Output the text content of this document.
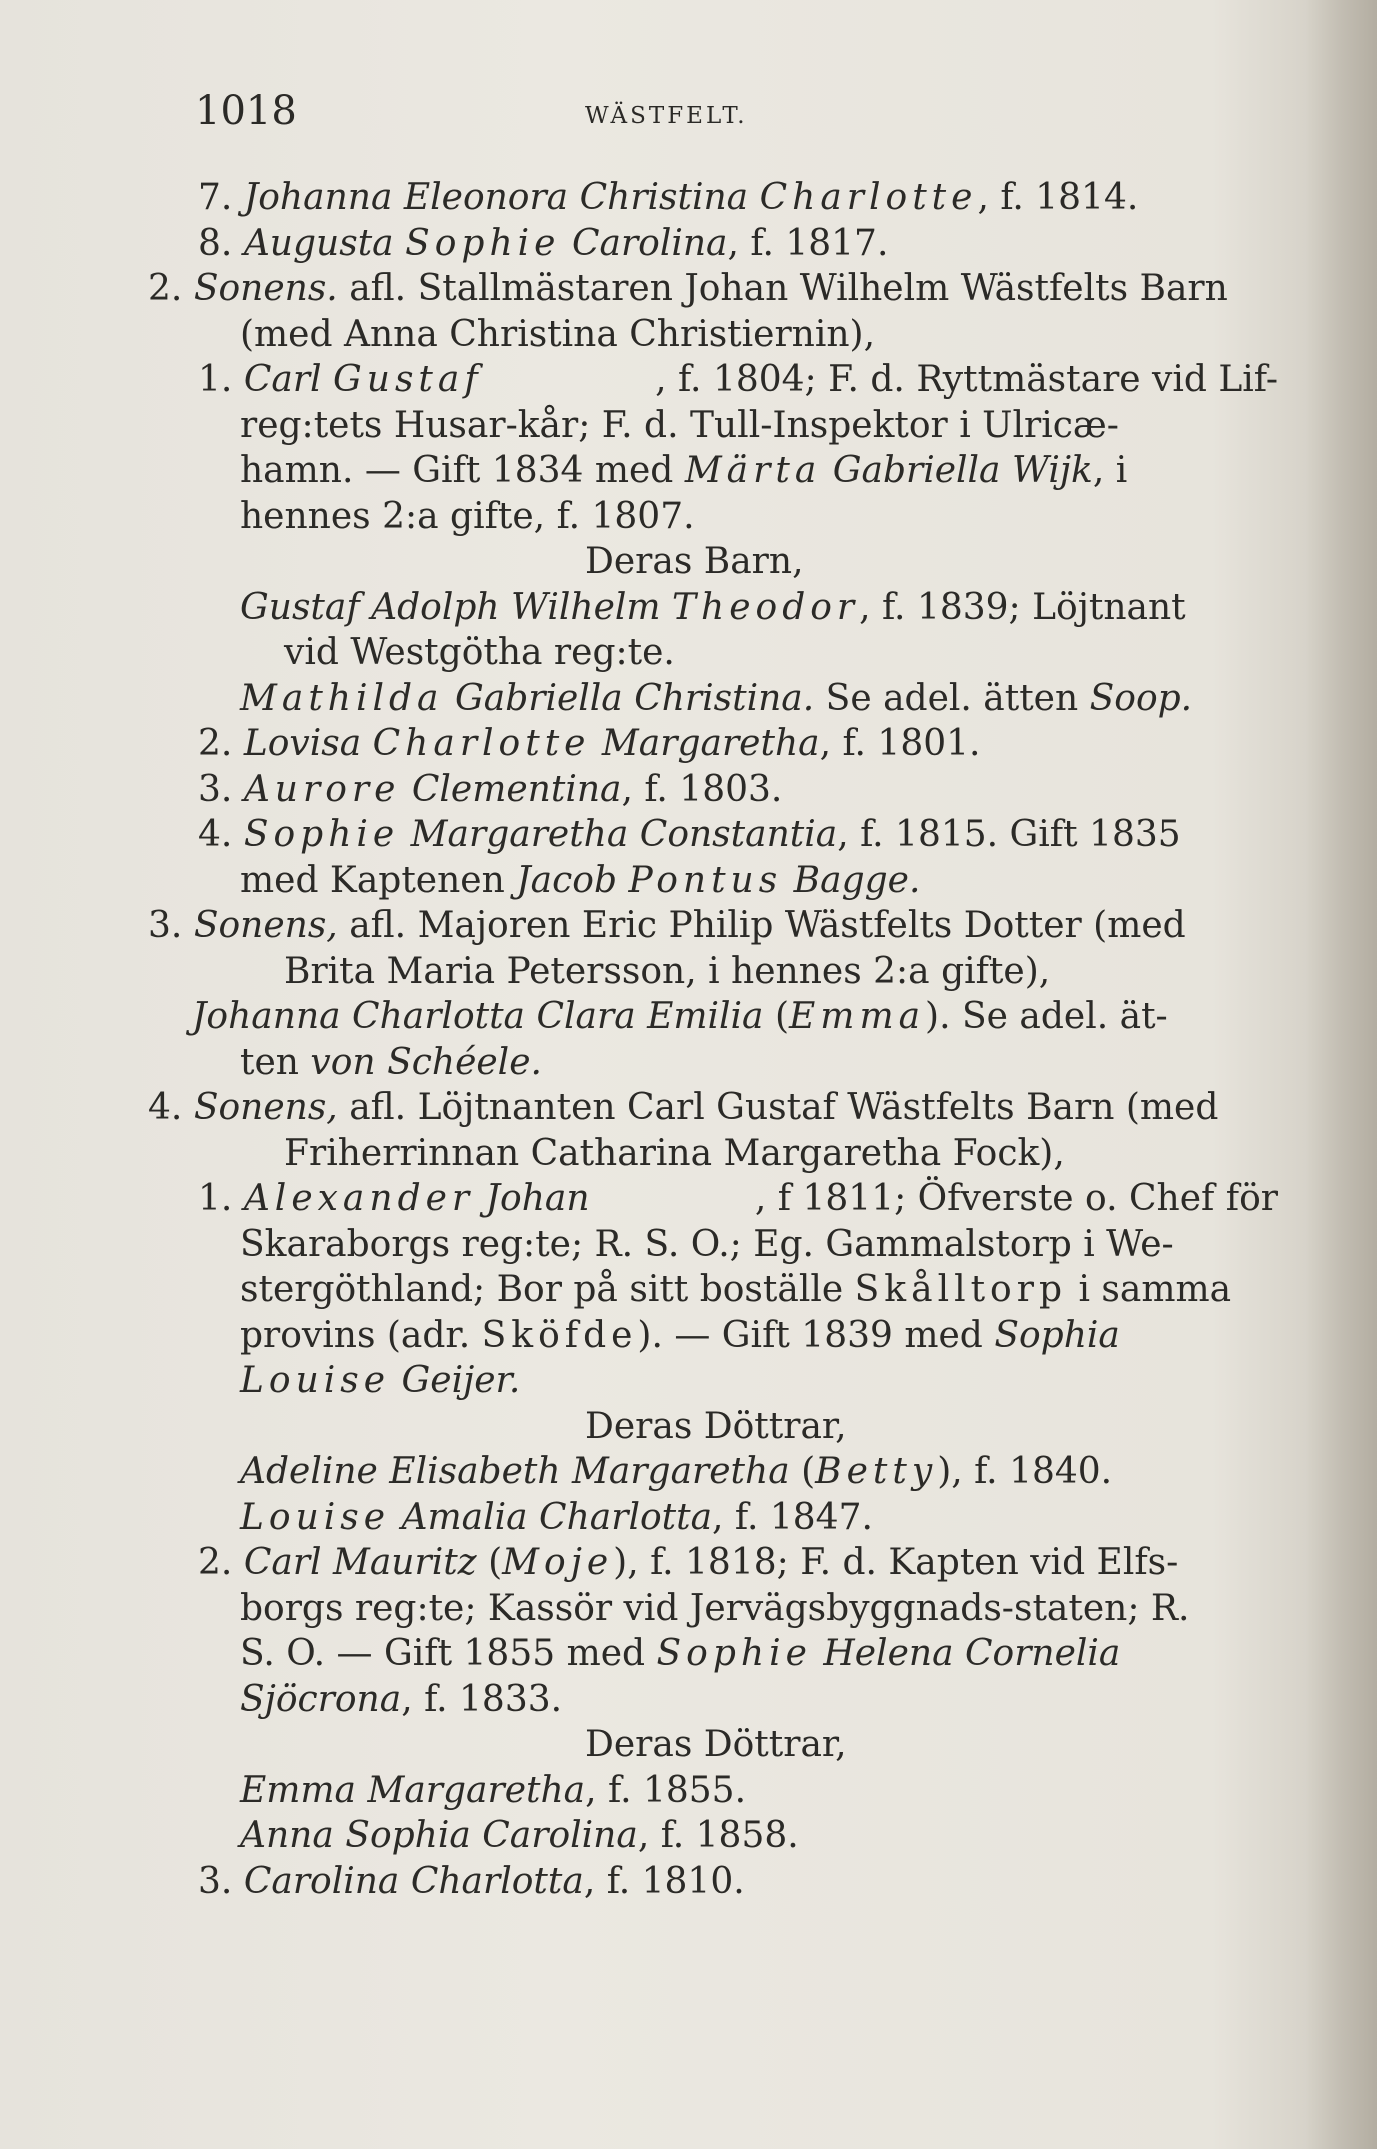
1018	WÄSTFELT.
7. Johanna Eleonora Christina Charlotte, f. 1814.
8. Augusta Sophie Carolina, f. 1817.
2. Sonens. afl. Stallmästaren Johan Wilhelm Wästfelts Barn
(med Anna Christina Christiernin),
1. Carl Gustaf	, f. 1804; F. d. Ryttmästare vid Lif-
reg:tets Husar-kår; F. d. Tull-Inspektor i Ulricæ-
hamn. — Gift 1834 med Märta Gabriella Wijk, i
hennes 2:a gifte, f. 1807.
Deras Barn,
Gustaf Adolph Wilhelm Theodor, f. 1839; Löjtnant
vid Westgötha reg:te.
Mathilda Gabriella Christina. Se adel. ätten Soop.
2. Lovisa Charlotte Margaretha, f. 1801.
3. Aurore Clementina, f. 1803.
4. Sophie Margaretha Constantia, f. 1815. Gift 1835
med Kaptenen Jacob Pontus Bagge.
3. Sonens, afl. Majoren Eric Philip Wästfelts Dotter (med
Brita Maria Petersson, i hennes 2:a gifte),
Johanna Charlotta Clara Emilia (Emma). Se adel. ät-
ten von Schéele.
4. Sonens, afl. Löjtnanten Carl Gustaf Wästfelts Barn (med
Friherrinnan Catharina Margaretha Fock),
1. Alexander Johan	, f 1811; Öfverste o. Chef för
Skaraborgs reg:te; R. S. O.; Eg. Gammalstorp i We-
stergöthland; Bor på sitt boställe Skålltorp i samma
provins (adr. Sköfde). — Gift 1839 med Sophia
Louise Geijer.
Deras Döttrar,
Adeline Elisabeth Margaretha (Betty), f. 1840.
Louise Amalia Charlotta, f. 1847.
2. Carl Mauritz (Moje), f. 1818; F. d. Kapten vid Elfs-
borgs reg:te; Kassör vid Jervägsbyggnads-staten; R.
S. O. — Gift 1855 med Sophie Helena Cornelia
Sjöcrona, f. 1833.
Deras Döttrar,
Emma Margaretha, f. 1855.
Anna Sophia Carolina, f. 1858.
3. Carolina Charlotta, f. 1810.
